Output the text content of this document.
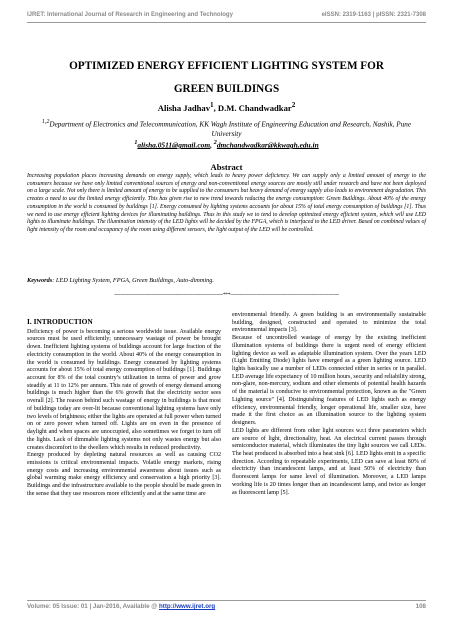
IJRET: International Journal of Research in Engineering and Technology	eISSN: 2319-1163 | pISSN: 2321-7308
OPTIMIZED ENERGY EFFICIENT LIGHTING SYSTEM FOR
GREEN BUILDINGS
Alisha Jadhav$^1$, D.M. Chandwadkar$^2$
$^{1,2}$Department of Electronics and Telecommunication, KK Wagh Institute of Engineering Education and Research, Nashik, Pune University
$^1$alisha.0511@gmail.com, $^2$dmchandwadkar@kkwagh.edu.in
Abstract
Increasing population places increasing demands on energy supply, which leads to heavy power deficiency. We can supply only a limited amount of energy to the consumers because we have only limited conventional sources of energy and non-conventional energy sources are mostly still under research and have not been deployed on a large scale. Not only there is limited amount of energy to be supplied to the consumers but heavy demand of energy supply also leads to environment degradation. This creates a need to use the limited energy efficiently. This has given rise to new trend towards reducing the energy consumption: Green Buildings. About 40% of the energy consumption in the world is consumed by buildings [1]. Energy consumed by lighting systems accounts for about 15% of total energy consumption of buildings [1]. Thus we need to use energy efficient lighting devices for illuminating buildings. Thus in this study we to tend to develop optimized energy efficient system, which will use LED lights to illuminate buildings. The illumination intensity of the LED lights will be decided by the FPGA, which is interfaced to the LED driver. Based on combined values of light intensity of the room and occupancy of the room using different sensors, the light output of the LED will be controlled.
Keywords: LED Lighting System, FPGA, Green Buildings, Auto-dimming.
-----------------------------------------------------------------------***-----------------------------------------------------------------------
I. INTRODUCTION

Deficiency of power is becoming a serious worldwide issue. Available energy sources must be used efficiently; unnecessary wastage of power be brought down. Inefficient lighting systems of buildings account for large fraction of the electricity consumption in the world. About 40% of the energy consumption in the world is consumed by buildings. Energy consumed by lighting systems accounts for about 15% of total energy consumption of buildings [1]. Buildings account for 8% of the total country’s utilization in terms of power and grow steadily at 11 to 12% per annum. This rate of growth of energy demand among buildings is much higher than the 6% growth that the electricity sector sees overall [2]. The reason behind such wastage of energy in buildings is that most of buildings today are over-lit because conventional lighting systems have only two levels of brightness; either the lights are operated at full power when turned on or zero power when turned off. Lights are on even in the presence of daylight and when spaces are unoccupied, also sometimes we forget to turn off the lights. Lack of dimmable lighting systems not only wastes energy but also creates discomfort to the dwellers which results in reduced productivity.

Energy produced by depleting natural resources as well as causing CO2 emissions is critical environmental impacts. Volatile energy markets, rising energy costs and increasing environmental awareness about issues such as global warming make energy efficiency and conservation a high priority [3]. Buildings and the infrastructure available to the people should be made green in the sense that they use resources more efficiently and at the same time are

environmental friendly. A green building is an environmentally sustainable building, designed, constructed and operated to minimize the total environmental impacts [3].

Because of uncontrolled wastage of energy by the existing inefficient illumination systems of buildings there is urgent need of energy efficient lighting device as well as adaptable illumination system. Over the years LED (Light Emitting Diode) lights have emerged as a green lighting source. LED lights basically use a number of LEDs connected either in series or in parallel. LED average life expectancy of 10 million hours, security and reliability strong, non-glare, non-mercury, sodium and other elements of potential health hazards of the material is conducive to environmental protection, known as the "Green Lighting source" [4]. Distinguishing features of LED lights such as energy efficiency, environmental friendly, longer operational life, smaller size, have made it the first choice as an illumination source to the lighting system designers.

LED lights are different from other light sources w.r.t three parameters which are source of light, directionality, heat. An electrical current passes through semiconductor material, which illuminates the tiny light sources we call LEDs. The heat produced is absorbed into a heat sink [6]. LED lights emit in a specific direction. According to repeatable experiments, LED can save at least 80% of electricity than incandescent lamps, and at least 50% of electricity than fluorescent lamps for same level of illumination. Moreover, a LED lamps working life is 20 times longer than an incandescent lamp, and twice as longer as fluorescent lamp [5].

Volume: 05 Issue: 01 | Jan-2016, Available @ http://www.ijret.org	108
